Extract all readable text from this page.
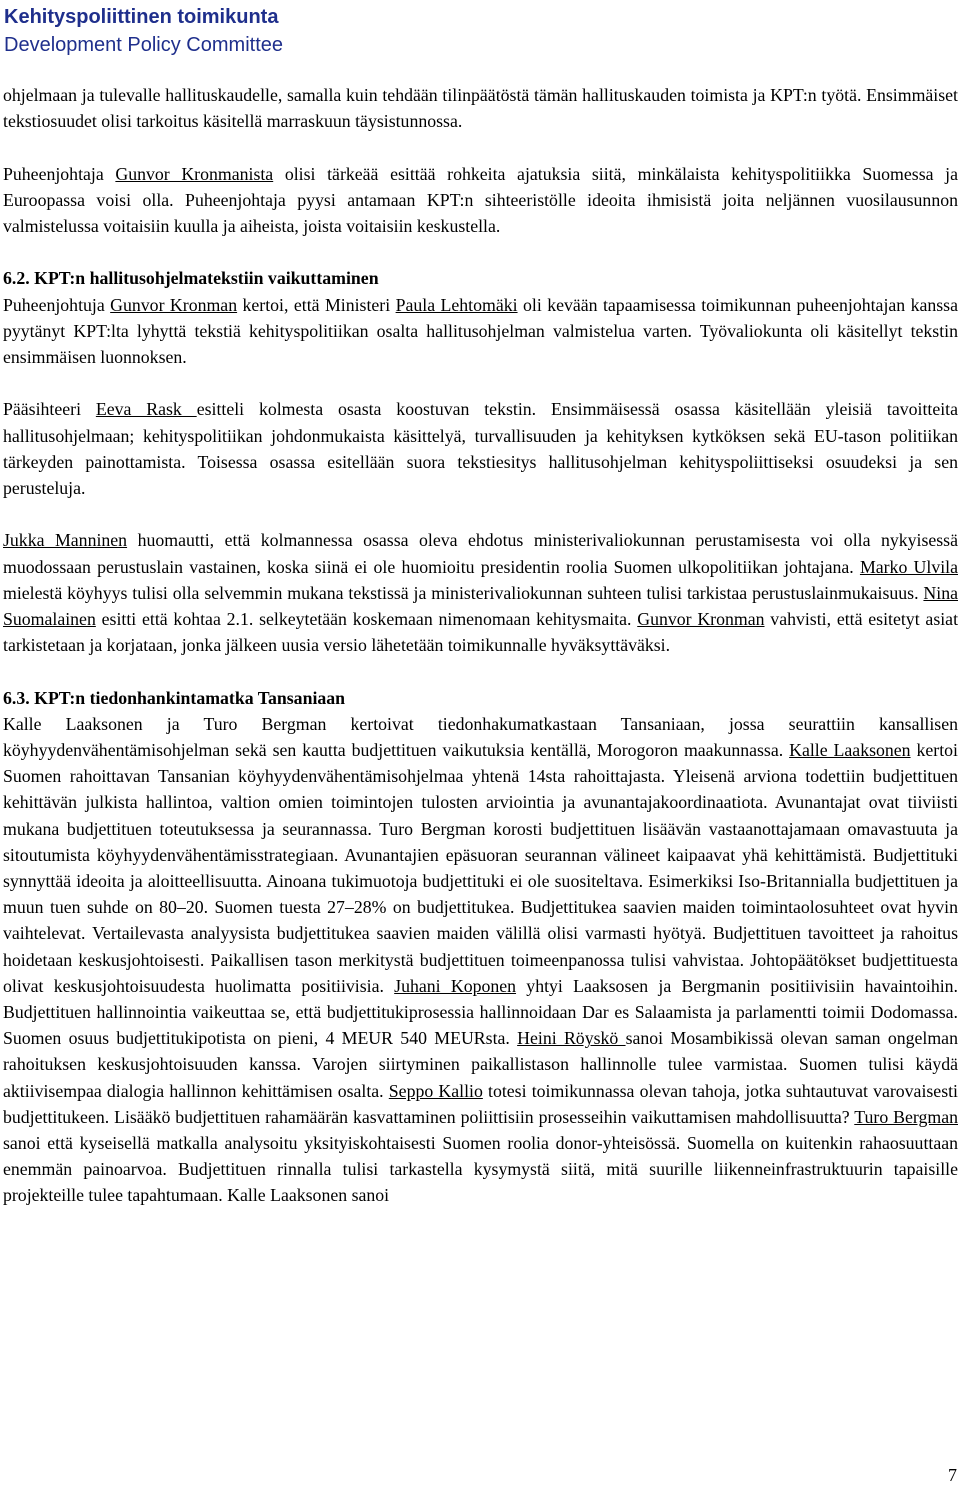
Kehityspoliittinen toimikunta
Development Policy Committee

ohjelmaan ja tulevalle hallituskaudelle, samalla kuin tehdään tilinpäätöstä tämän hallituskauden toimista ja KPT:n työtä. Ensimmäiset tekstiosuudet olisi tarkoitus käsitellä marraskuun täysistunnossa.

Puheenjohtaja Gunvor Kronmanista olisi tärkeää esittää rohkeita ajatuksia siitä, minkälaista kehityspolitiikka Suomessa ja Euroopassa voisi olla. Puheenjohtaja pyysi antamaan KPT:n sihteeristölle ideoita ihmisistä joita neljännen vuosilausunnon valmistelussa voitaisiin kuulla ja aiheista, joista voitaisiin keskustella.

6.2. KPT:n hallitusohjelmatekstiin vaikuttaminen

Puheenjohtuja Gunvor Kronman kertoi, että Ministeri Paula Lehtomäki oli kevään tapaamisessa toimikunnan puheenjohtajan kanssa pyytänyt KPT:lta lyhyttä tekstiä kehityspolitiikan osalta hallitusohjelman valmistelua varten. Työvaliokunta oli käsitellyt tekstin ensimmäisen luonnoksen.

Pääsihteeri Eeva Rask esitteli kolmesta osasta koostuvan tekstin. Ensimmäisessä osassa käsitellään yleisiä tavoitteita hallitusohjelmaan; kehityspolitiikan johdonmukaista käsittelyä, turvallisuuden ja kehityksen kytköksen sekä EU-tason politiikan tärkeyden painottamista. Toisessa osassa esitellään suora tekstiesitys hallitusohjelman kehityspoliittiseksi osuudeksi ja sen perusteluja.

Jukka Manninen huomautti, että kolmannessa osassa oleva ehdotus ministerivaliokunnan perustamisesta voi olla nykyisessä muodossaan perustuslain vastainen, koska siinä ei ole huomioitu presidentin roolia Suomen ulkopolitiikan johtajana. Marko Ulvila mielestä köyhyys tulisi olla selvemmin mukana tekstissä ja ministerivaliokunnan suhteen tulisi tarkistaa perustuslainmukaisuus. Nina Suomalainen esitti että kohtaa 2.1. selkeytetään koskemaan nimenomaan kehitysmaita. Gunvor Kronman vahvisti, että esitetyt asiat tarkistetaan ja korjataan, jonka jälkeen uusia versio lähetetään toimikunnalle hyväksyttäväksi.

6.3. KPT:n tiedonhankintamatka Tansaniaan

Kalle Laaksonen ja Turo Bergman kertoivat tiedonhakumatkastaan Tansaniaan, jossa seurattiin kansallisen köyhyydenvähentämisohjelman sekä sen kautta budjettituen vaikutuksia kentällä, Morogoron maakunnassa. Kalle Laaksonen kertoi Suomen rahoittavan Tansanian köyhyydenvähentämisohjelmaa yhtenä 14sta rahoittajasta. Yleisenä arviona todettiin budjettituen kehittävän julkista hallintoa, valtion omien toimintojen tulosten arviointia ja avunantajakoordinaatiota. Avunantajat ovat tiiviisti mukana budjettituen toteutuksessa ja seurannassa. Turo Bergman korosti budjettituen lisäävän vastaanottajamaan omavastuuta ja sitoutumista köyhyydenvähentämisstrategiaan. Avunantajien epäsuoran seurannan välineet kaipaavat yhä kehittämistä. Budjettituki synnyttää ideoita ja aloitteellisuutta. Ainoana tukimuotoja budjettituki ei ole suositeltava. Esimerkiksi Iso-Britannialla budjettituen ja muun tuen suhde on 80–20. Suomen tuesta 27–28% on budjettitukea. Budjettitukea saavien maiden toimintaolosuhteet ovat hyvin vaihtelevat. Vertailevasta analyysista budjettitukea saavien maiden välillä olisi varmasti hyötyä. Budjettituen tavoitteet ja rahoitus hoidetaan keskusjohtoisesti. Paikallisen tason merkitystä budjettituen toimeenpanossa tulisi vahvistaa. Johtopäätökset budjettituesta olivat keskusjohtoisuudesta huolimatta positiivisia. Juhani Koponen yhtyi Laaksosen ja Bergmanin positiivisiin havaintoihin. Budjettituen hallinnointia vaikeuttaa se, että budjettitukiprosessia hallinnoidaan Dar es Salaamista ja parlamentti toimii Dodomassa. Suomen osuus budjettitukipotista on pieni, 4 MEUR 540 MEURsta. Heini Röyskö sanoi Mosambikissä olevan saman ongelman rahoituksen keskusjohtoisuuden kanssa. Varojen siirtyminen paikallistason hallinnolle tulee varmistaa. Suomen tulisi käydä aktiivisempaa dialogia hallinnon kehittämisen osalta. Seppo Kallio totesi toimikunnassa olevan tahoja, jotka suhtautuvat varovaisesti budjettitukeen. Lisääkö budjettituen rahamäärän kasvattaminen poliittisiin prosesseihin vaikuttamisen mahdollisuutta? Turo Bergman sanoi että kyseisellä matkalla analysoitu yksityiskohtaisesti Suomen roolia donor-yhteisössä. Suomella on kuitenkin rahaosuuttaan enemmän painoarvoa. Budjettituen rinnalla tulisi tarkastella kysymystä siitä, mitä suurille liikenneinfrastruktuurin tapaisille projekteille tulee tapahtumaan. Kalle Laaksonen sanoi

7
